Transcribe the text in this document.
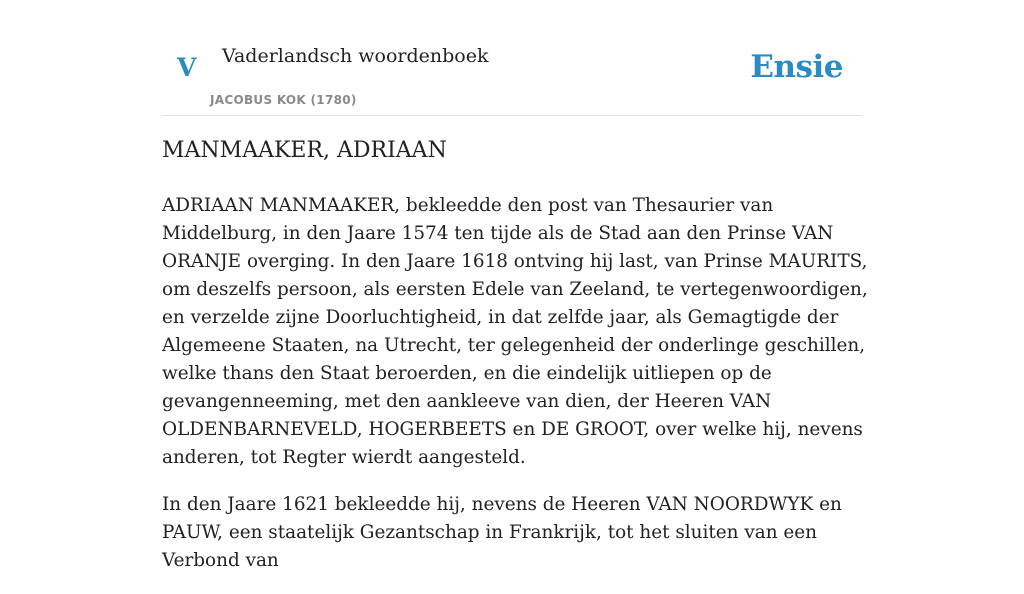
V Vaderlandsch woordenboek
JACOBUS KOK (1780)
Ensie
MANMAAKER, ADRIAAN

ADRIAAN MANMAAKER, bekleedde den post van Thesaurier van Middelburg, in den Jaare 1574 ten tijde als de Stad aan den Prinse VAN ORANJE overging. In den Jaare 1618 ontving hij last, van Prinse MAURITS, om deszelfs persoon, als eersten Edele van Zeeland, te vertegenwoordigen, en verzelde zijne Doorluchtigheid, in dat zelfde jaar, als Gemagtigde der Algemeene Staaten, na Utrecht, ter gelegenheid der onderlinge geschillen, welke thans den Staat beroerden, en die eindelijk uitliepen op de gevangenneeming, met den aankleeve van dien, der Heeren VAN OLDENBARNEVELD, HOGERBEETS en DE GROOT, over welke hij, nevens anderen, tot Regter wierdt aangesteld.

In den Jaare 1621 bekleedde hij, nevens de Heeren VAN NOORDWYK en PAUW, een staatelijk Gezantschap in Frankrijk, tot het sluiten van een Verbond van
